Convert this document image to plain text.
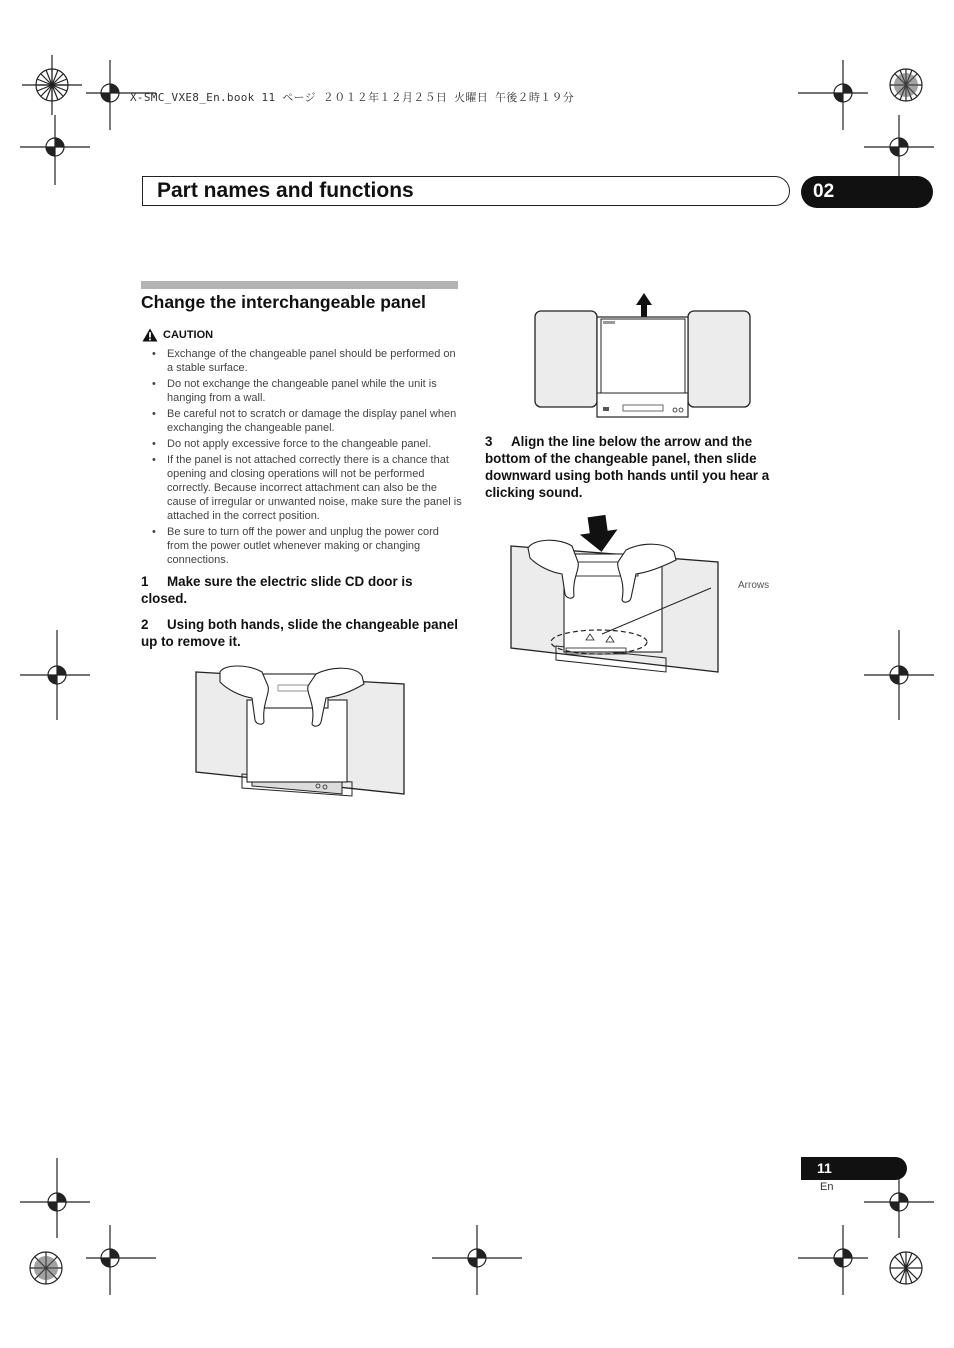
X-SMC_VXE8_En.book 11 ページ ２０１２年１２月２５日 火曜日 午後２時１９分
Part names and functions	02
Change the interchangeable panel
CAUTION
• Exchange of the changeable panel should be performed on a stable surface.
• Do not exchange the changeable panel while the unit is hanging from a wall.
• Be careful not to scratch or damage the display panel when exchanging the changeable panel.
• Do not apply excessive force to the changeable panel.
• If the panel is not attached correctly there is a chance that opening and closing operations will not be performed correctly. Because incorrect attachment can also be the cause of irregular or unwanted noise, make sure the panel is attached in the correct position.
• Be sure to turn off the power and unplug the power cord from the power outlet whenever making or changing connections.
1 Make sure the electric slide CD door is closed.
2 Using both hands, slide the changeable panel up to remove it.
3 Align the line below the arrow and the bottom of the changeable panel, then slide downward using both hands until you hear a clicking sound.
Arrows
11
En
